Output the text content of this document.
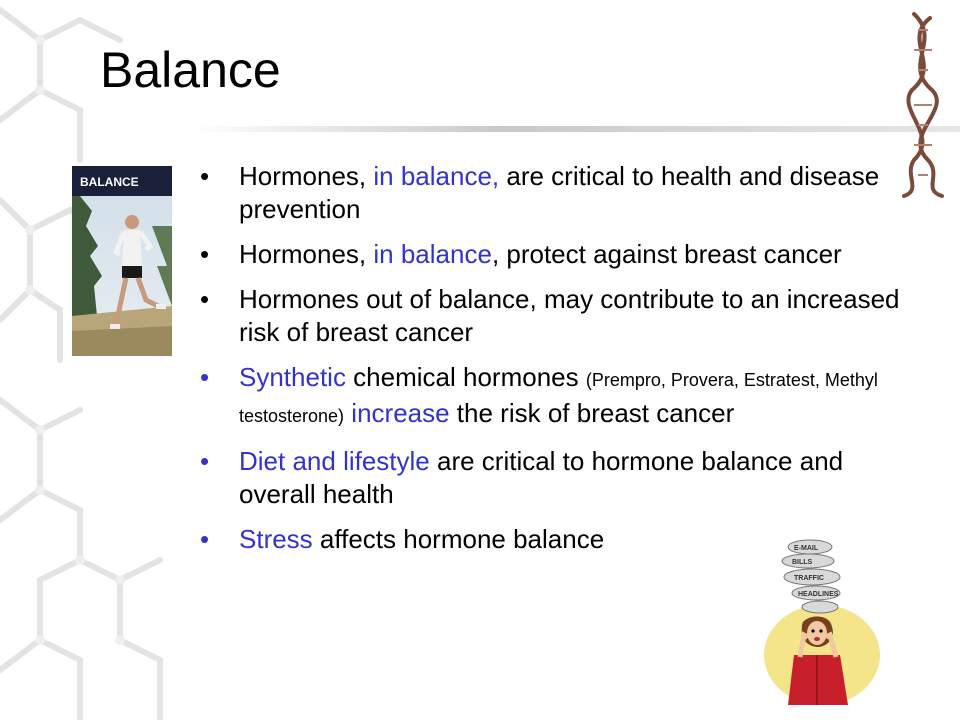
Balance
BALANCE •	Hormones, in balance, are critical to health and disease prevention
•	Hormones, in balance, protect against breast cancer
•	Hormones out of balance, may contribute to an increased risk of breast cancer
•	Synthetic chemical hormones (Prempro, Provera, Estratest, Methyl testosterone) increase the risk of breast cancer
•	Diet and lifestyle are critical to hormone balance and overall health
•	Stress affects hormone balance	E-MAIL
BILLS
TRAFFIC
HEADLINES
